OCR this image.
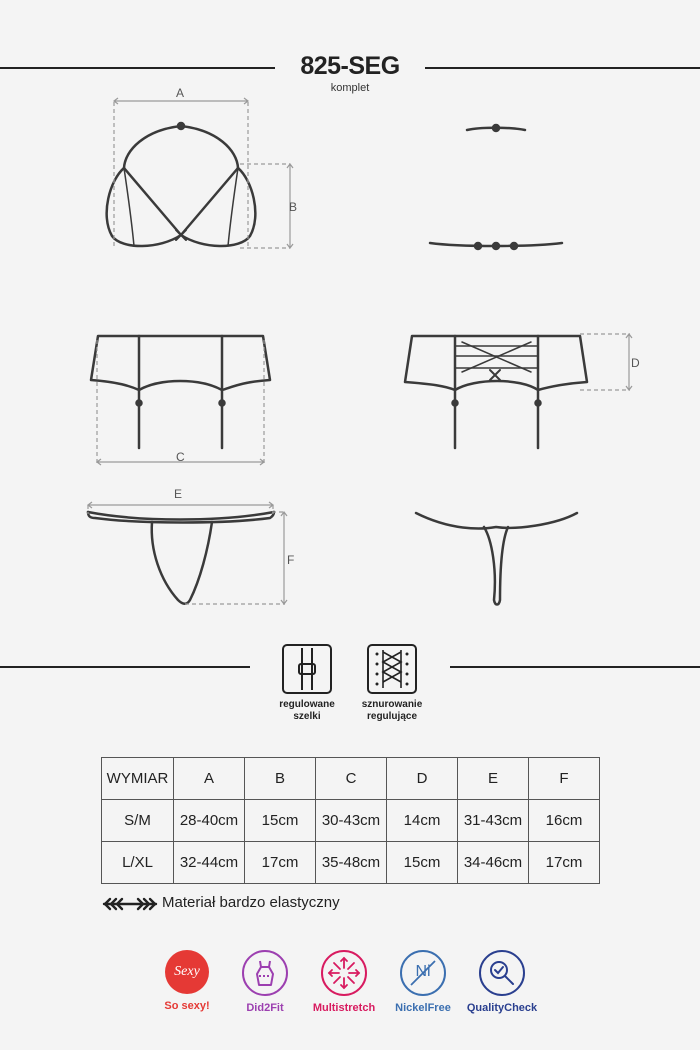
825-SEG
komplet
A
B
C
D
E
F
regulowane
szelki
sznurowanie
regulujące
WYMIAR	A	B	C	D	E	F
S/M	28-40cm	15cm	30-43cm	14cm	31-43cm	16cm
L/XL	32-44cm	17cm	35-48cm	15cm	34-46cm	17cm
Materiał bardzo elastyczny
Sexy
So sexy!	Did2Fit	Multistretch
Ni
NickelFree	QualityCheck
